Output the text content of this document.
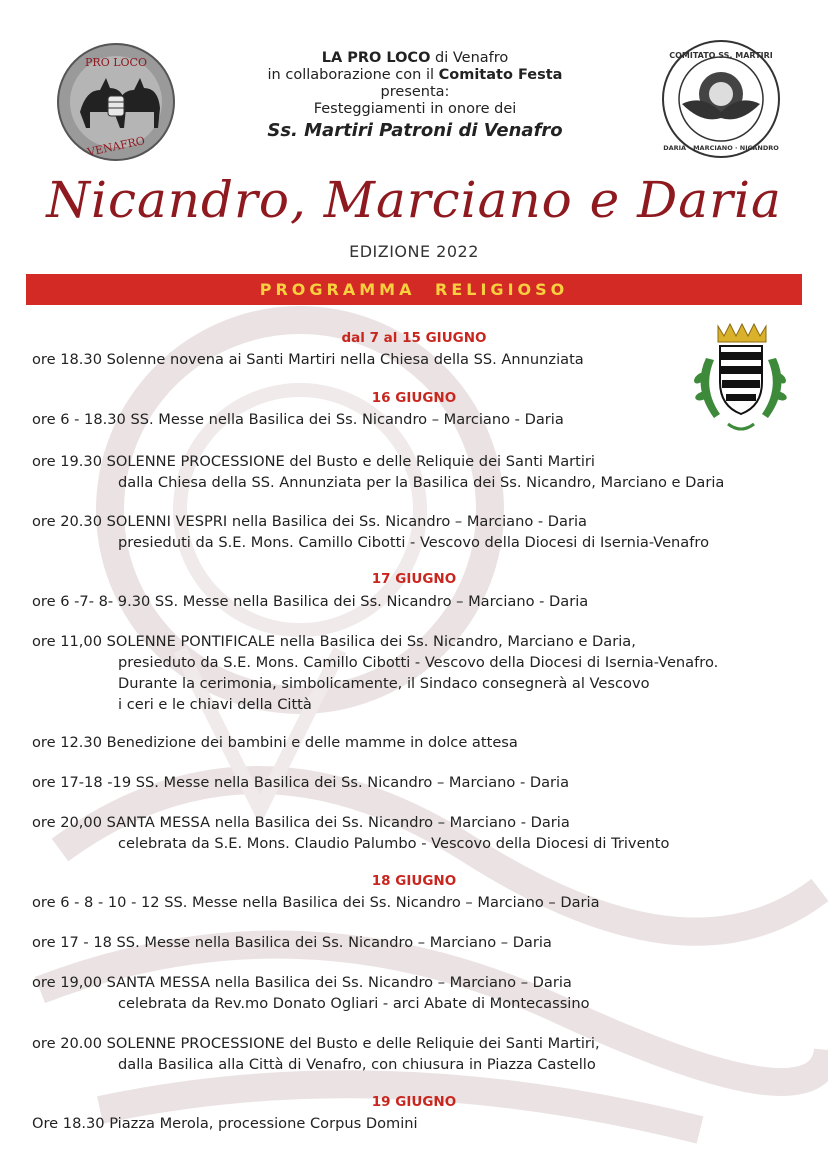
PRO LOCO
VENAFRO
COMITATO SS. MARTIRI
DARIA · MARCIANO · NICANDRO
LA PRO LOCO di Venafro
in collaborazione con il Comitato Festa
presenta:
Festeggiamenti in onore dei
Ss. Martiri Patroni di Venafro
Nicandro, Marciano e Daria
EDIZIONE 2022
PROGRAMMA RELIGIOSO
dal 7 al 15 GIUGNO
ore 18.30 Solenne novena ai Santi Martiri nella Chiesa della SS. Annunziata
16 GIUGNO
ore 6 - 18.30 SS. Messe nella Basilica dei Ss. Nicandro – Marciano - Daria
ore 19.30 SOLENNE PROCESSIONE del Busto e delle Reliquie dei Santi Martiri
dalla Chiesa della SS. Annunziata per la Basilica dei Ss. Nicandro, Marciano e Daria
ore 20.30 SOLENNI VESPRI nella Basilica dei Ss. Nicandro – Marciano - Daria
presieduti da S.E. Mons. Camillo Cibotti - Vescovo della Diocesi di Isernia-Venafro
17 GIUGNO
ore 6 -7- 8- 9.30 SS. Messe nella Basilica dei Ss. Nicandro – Marciano - Daria
ore 11,00 SOLENNE PONTIFICALE nella Basilica dei Ss. Nicandro, Marciano e Daria,
presieduto da S.E. Mons. Camillo Cibotti - Vescovo della Diocesi di Isernia-Venafro.
Durante la cerimonia, simbolicamente, il Sindaco consegnerà al Vescovo
i ceri e le chiavi della Città
ore 12.30 Benedizione dei bambini e delle mamme in dolce attesa
ore 17-18 -19 SS. Messe nella Basilica dei Ss. Nicandro – Marciano - Daria
ore 20,00 SANTA MESSA nella Basilica dei Ss. Nicandro – Marciano - Daria
celebrata da S.E. Mons. Claudio Palumbo - Vescovo della Diocesi di Trivento
18 GIUGNO
ore 6 - 8 - 10 - 12 SS. Messe nella Basilica dei Ss. Nicandro – Marciano – Daria
ore 17 - 18 SS. Messe nella Basilica dei Ss. Nicandro – Marciano – Daria
ore 19,00 SANTA MESSA nella Basilica dei Ss. Nicandro – Marciano – Daria
celebrata da Rev.mo Donato Ogliari - arci Abate di Montecassino
ore 20.00 SOLENNE PROCESSIONE del Busto e delle Reliquie dei Santi Martiri,
dalla Basilica alla Città di Venafro, con chiusura in Piazza Castello
19 GIUGNO
Ore 18.30 Piazza Merola, processione Corpus Domini
